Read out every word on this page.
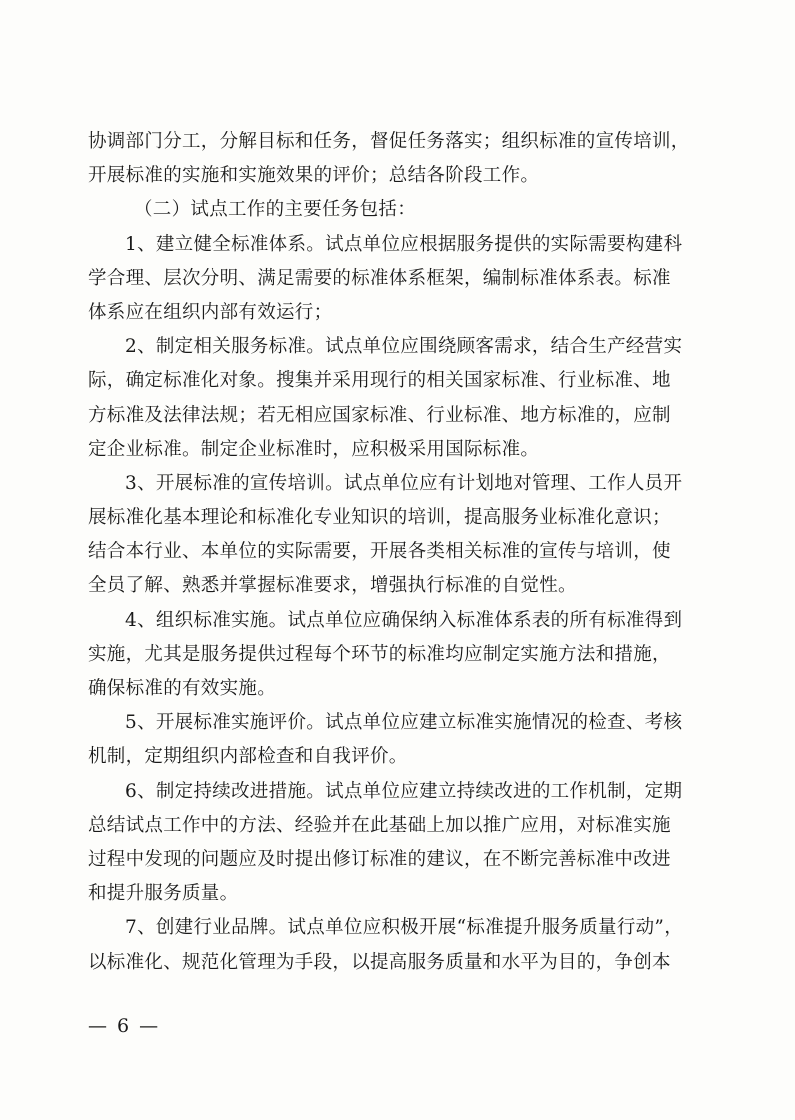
协调部门分工，分解目标和任务，督促任务落实；组织标准的宣传培训，
开展标准的实施和实施效果的评价；总结各阶段工作。
（二）试点工作的主要任务包括：
1、建立健全标准体系。试点单位应根据服务提供的实际需要构建科
学合理、层次分明、满足需要的标准体系框架，编制标准体系表。标准
体系应在组织内部有效运行；
2、制定相关服务标准。试点单位应围绕顾客需求，结合生产经营实
际，确定标准化对象。搜集并采用现行的相关国家标准、行业标准、地
方标准及法律法规；若无相应国家标准、行业标准、地方标准的，应制
定企业标准。制定企业标准时，应积极采用国际标准。
3、开展标准的宣传培训。试点单位应有计划地对管理、工作人员开
展标准化基本理论和标准化专业知识的培训，提高服务业标准化意识；
结合本行业、本单位的实际需要，开展各类相关标准的宣传与培训，使
全员了解、熟悉并掌握标准要求，增强执行标准的自觉性。
4、组织标准实施。试点单位应确保纳入标准体系表的所有标准得到
实施，尤其是服务提供过程每个环节的标准均应制定实施方法和措施，
确保标准的有效实施。
5、开展标准实施评价。试点单位应建立标准实施情况的检查、考核
机制，定期组织内部检查和自我评价。
6、制定持续改进措施。试点单位应建立持续改进的工作机制，定期
总结试点工作中的方法、经验并在此基础上加以推广应用，对标准实施
过程中发现的问题应及时提出修订标准的建议，在不断完善标准中改进
和提升服务质量。
7、创建行业品牌。试点单位应积极开展“标准提升服务质量行动”，
以标准化、规范化管理为手段，以提高服务质量和水平为目的，争创本
— 6 —
